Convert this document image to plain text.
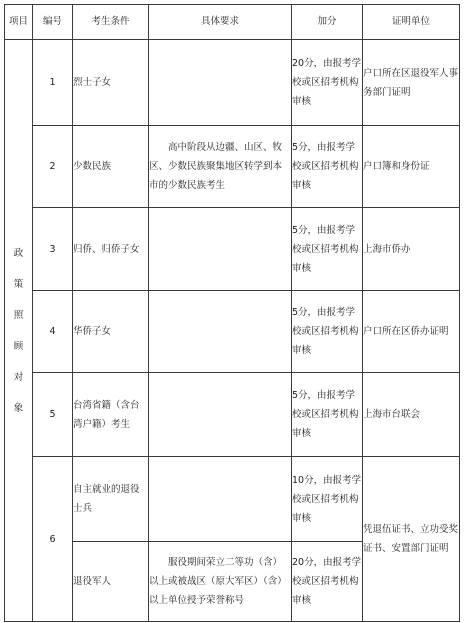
项目	编号	考生条件	具体要求	加分	证明单位
政策照顾对象	1	烈士子女		20分，由报考学校或区招考机构审核	户口所在区退役军人事务部门证明
	2	少数民族	高中阶段从边疆、山区、牧区、少数民族聚集地区转学到本市的少数民族考生	5分，由报考学校或区招考机构审核	户口簿和身份证
	3	归侨、归侨子女		5分，由报考学校或区招考机构审核	上海市侨办
	4	华侨子女		5分，由报考学校或区招考机构审核	户口所在区侨办证明
	5	台湾省籍（含台湾户籍）考生		5分，由报考学校或区招考机构审核	上海市台联会
	6	自主就业的退役士兵		10分，由报考学校或区招考机构审核	凭退伍证书、立功受奖证书、安置部门证明
		退役军人	服役期间荣立二等功（含）以上或被战区（原大军区）（含）以上单位授予荣誉称号	20分，由报考学校或区招考机构审核	
